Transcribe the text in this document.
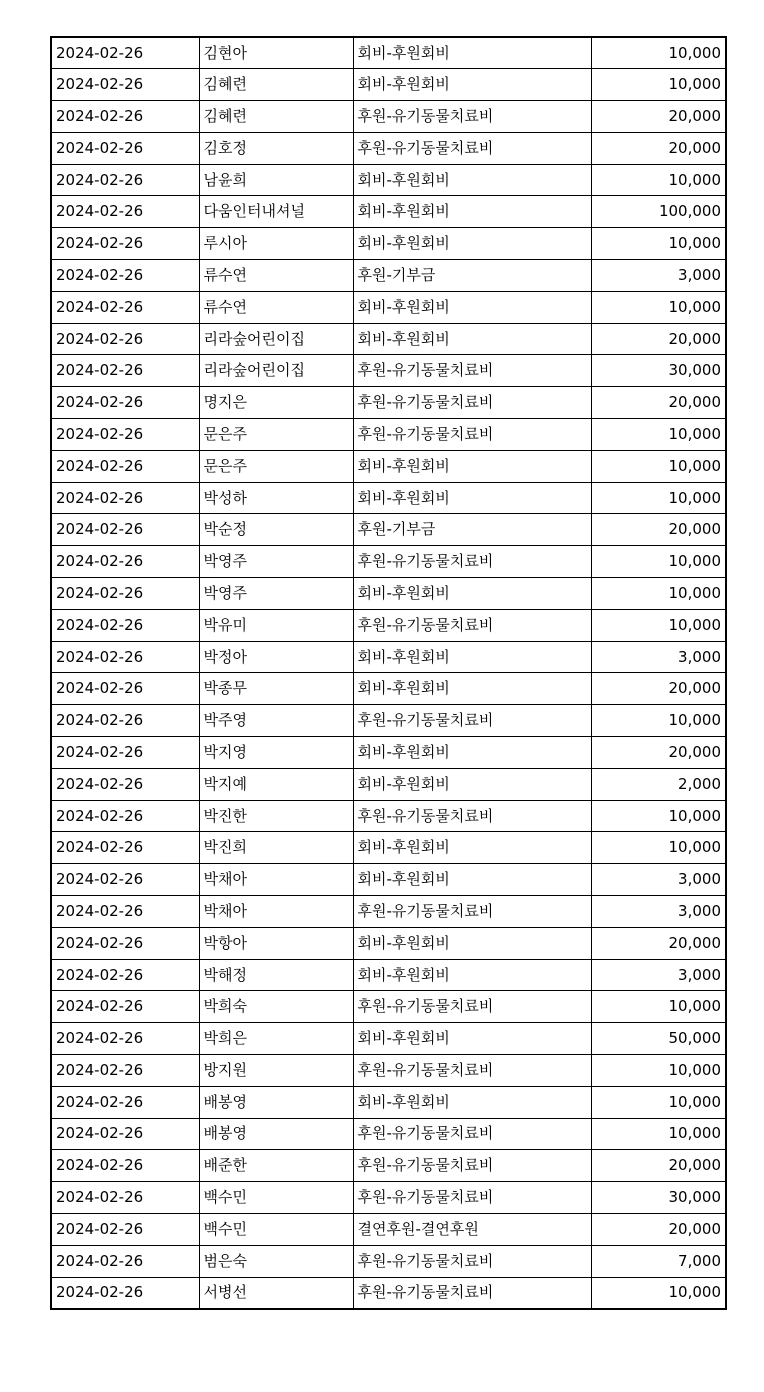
2024-02-26	김현아	회비-후원회비	10,000
2024-02-26	김혜련	회비-후원회비	10,000
2024-02-26	김혜련	후원-유기동물치료비	20,000
2024-02-26	김호정	후원-유기동물치료비	20,000
2024-02-26	남윤희	회비-후원회비	10,000
2024-02-26	다움인터내셔널	회비-후원회비	100,000
2024-02-26	루시아	회비-후원회비	10,000
2024-02-26	류수연	후원-기부금	3,000
2024-02-26	류수연	회비-후원회비	10,000
2024-02-26	리라숲어린이집	회비-후원회비	20,000
2024-02-26	리라숲어린이집	후원-유기동물치료비	30,000
2024-02-26	명지은	후원-유기동물치료비	20,000
2024-02-26	문은주	후원-유기동물치료비	10,000
2024-02-26	문은주	회비-후원회비	10,000
2024-02-26	박성하	회비-후원회비	10,000
2024-02-26	박순정	후원-기부금	20,000
2024-02-26	박영주	후원-유기동물치료비	10,000
2024-02-26	박영주	회비-후원회비	10,000
2024-02-26	박유미	후원-유기동물치료비	10,000
2024-02-26	박정아	회비-후원회비	3,000
2024-02-26	박종무	회비-후원회비	20,000
2024-02-26	박주영	후원-유기동물치료비	10,000
2024-02-26	박지영	회비-후원회비	20,000
2024-02-26	박지예	회비-후원회비	2,000
2024-02-26	박진한	후원-유기동물치료비	10,000
2024-02-26	박진희	회비-후원회비	10,000
2024-02-26	박채아	회비-후원회비	3,000
2024-02-26	박채아	후원-유기동물치료비	3,000
2024-02-26	박항아	회비-후원회비	20,000
2024-02-26	박해정	회비-후원회비	3,000
2024-02-26	박희숙	후원-유기동물치료비	10,000
2024-02-26	박희은	회비-후원회비	50,000
2024-02-26	방지원	후원-유기동물치료비	10,000
2024-02-26	배봉영	회비-후원회비	10,000
2024-02-26	배봉영	후원-유기동물치료비	10,000
2024-02-26	배준한	후원-유기동물치료비	20,000
2024-02-26	백수민	후원-유기동물치료비	30,000
2024-02-26	백수민	결연후원-결연후원	20,000
2024-02-26	범은숙	후원-유기동물치료비	7,000
2024-02-26	서병선	후원-유기동물치료비	10,000
